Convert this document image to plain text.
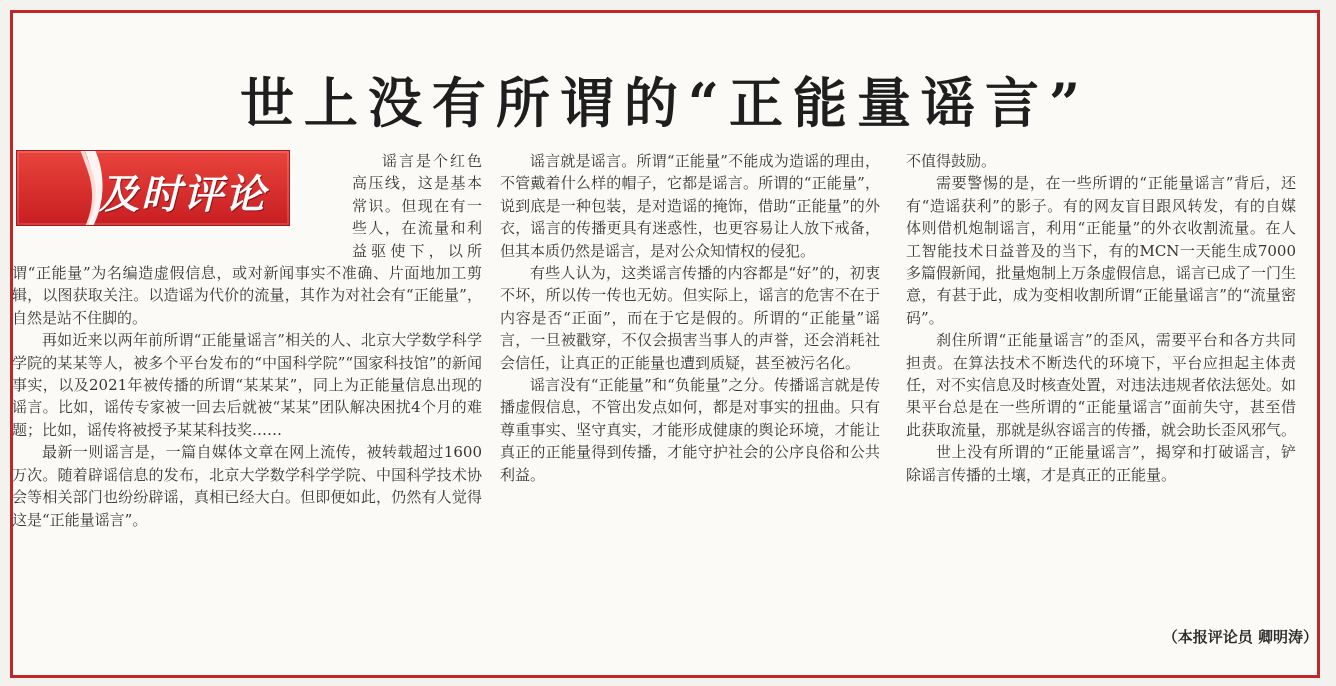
世上没有所谓的“正能量谣言”

谣言是个红色高压线，这是基本常识。但现在有一些人，在流量和利益驱使下，以所谓“正能量”为名编造虚假信息，或对新闻事实不准确、片面地加工剪辑，以图获取关注。以造谣为代价的流量，其作为对社会有“正能量”，自然是站不住脚的。

再如近来以两年前所谓“正能量谣言”相关的人、北京大学数学科学学院的某某等人，被多个平台发布的“中国科学院”“国家科技馆”的新闻事实，以及2021年被传播的所谓“某某某”，同上为正能量信息出现的谣言。比如，谣传专家被一回去后就被“某某”团队解决困扰4个月的难题；比如，谣传将被授予某某科技奖……

最新一则谣言是，一篇自媒体文章在网上流传，被转载超过1600万次。随着辟谣信息的发布，北京大学数学科学学院、中国科学技术协会等相关部门也纷纷辟谣，真相已经大白。但即便如此，仍然有人觉得这是“正能量谣言”。

及时评论

谣言就是谣言。所谓“正能量”不能成为造谣的理由，不管戴着什么样的帽子，它都是谣言。所谓的“正能量”，说到底是一种包装，是对造谣的掩饰，借助“正能量”的外衣，谣言的传播更具有迷惑性，也更容易让人放下戒备，但其本质仍然是谣言，是对公众知情权的侵犯。

有些人认为，这类谣言传播的内容都是“好”的，初衷不坏，所以传一传也无妨。但实际上，谣言的危害不在于内容是否“正面”，而在于它是假的。所谓的“正能量”谣言，一旦被戳穿，不仅会损害当事人的声誉，还会消耗社会信任，让真正的正能量也遭到质疑，甚至被污名化。

谣言没有“正能量”和“负能量”之分。传播谣言就是传播虚假信息，不管出发点如何，都是对事实的扭曲。只有尊重事实、坚守真实，才能形成健康的舆论环境，才能让真正的正能量得到传播，才能守护社会的公序良俗和公共利益。

不值得鼓励。

需要警惕的是，在一些所谓的“正能量谣言”背后，还有“造谣获利”的影子。有的网友盲目跟风转发，有的自媒体则借机炮制谣言，利用“正能量”的外衣收割流量。在人工智能技术日益普及的当下，有的MCN一天能生成7000多篇假新闻，批量炮制上万条虚假信息，谣言已成了一门生意，有甚于此，成为变相收割所谓“正能量谣言”的“流量密码”。

刹住所谓“正能量谣言”的歪风，需要平台和各方共同担责。在算法技术不断迭代的环境下，平台应担起主体责任，对不实信息及时核查处置，对违法违规者依法惩处。如果平台总是在一些所谓的“正能量谣言”面前失守，甚至借此获取流量，那就是纵容谣言的传播，就会助长歪风邪气。

世上没有所谓的“正能量谣言”，揭穿和打破谣言，铲除谣言传播的土壤，才是真正的正能量。

（本报评论员 卿明涛）
